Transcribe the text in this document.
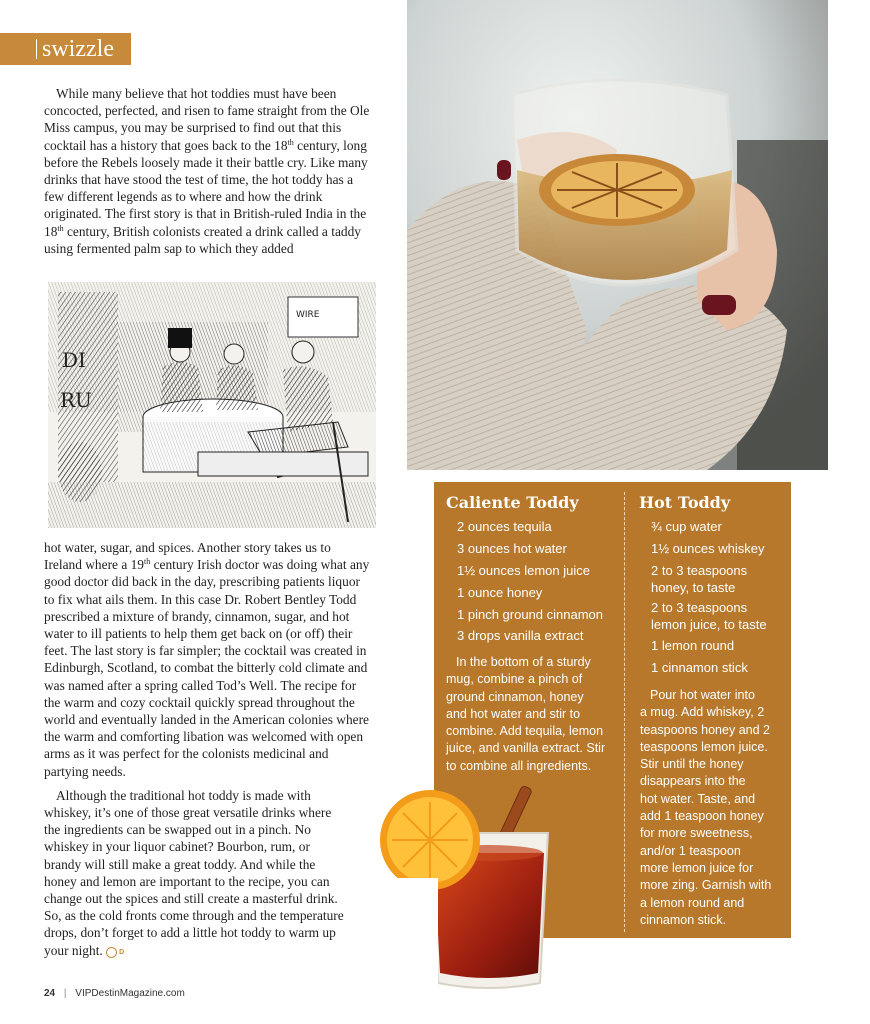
swizzle

While many believe that hot toddies must have been concocted, perfected, and risen to fame straight from the Ole Miss campus, you may be surprised to find out that this cocktail has a history that goes back to the 18th century, long before the Rebels loosely made it their battle cry. Like many drinks that have stood the test of time, the hot toddy has a few different legends as to where and how the drink originated. The first story is that in British-ruled India in the 18th century, British colonists created a drink called a taddy using fermented palm sap to which they added

DI
RU
WIRE

hot water, sugar, and spices. Another story takes us to Ireland where a 19th century Irish doctor was doing what any good doctor did back in the day, prescribing patients liquor to fix what ails them. In this case Dr. Robert Bentley Todd prescribed a mixture of brandy, cinnamon, sugar, and hot water to ill patients to help them get back on (or off) their feet. The last story is far simpler; the cocktail was created in Edinburgh, Scotland, to combat the bitterly cold climate and was named after a spring called Tod’s Well. The recipe for the warm and cozy cocktail quickly spread throughout the world and eventually landed in the American colonies where the warm and comforting libation was welcomed with open arms as it was perfect for the colonists medicinal and partying needs.

Although the traditional hot toddy is made with whiskey, it’s one of those great versatile drinks where the ingredients can be swapped out in a pinch. No whiskey in your liquor cabinet? Bourbon, rum, or brandy will still make a great toddy. And while the honey and lemon are important to the recipe, you can change out the spices and still create a masterful drink. So, as the cold fronts come through and the temperature drops, don’t forget to add a little hot toddy to warm up your night. D

Caliente Toddy
2 ounces tequila
3 ounces hot water
1½ ounces lemon juice
1 ounce honey
1 pinch ground cinnamon
3 drops vanilla extract
In the bottom of a sturdy
mug, combine a pinch of
ground cinnamon, honey
and hot water and stir to
combine. Add tequila, lemon
juice, and vanilla extract. Stir
to combine all ingredients.
Hot Toddy
¾ cup water
1½ ounces whiskey
2 to 3 teaspoons
honey, to taste
2 to 3 teaspoons
lemon juice, to taste
1 lemon round
1 cinnamon stick
Pour hot water into
a mug. Add whiskey, 2
teaspoons honey and 2
teaspoons lemon juice.
Stir until the honey
disappears into the
hot water. Taste, and
add 1 teaspoon honey
for more sweetness,
and/or 1 teaspoon
more lemon juice for
more zing. Garnish with
a lemon round and
cinnamon stick.
24 | VIPDestinMagazine.com
